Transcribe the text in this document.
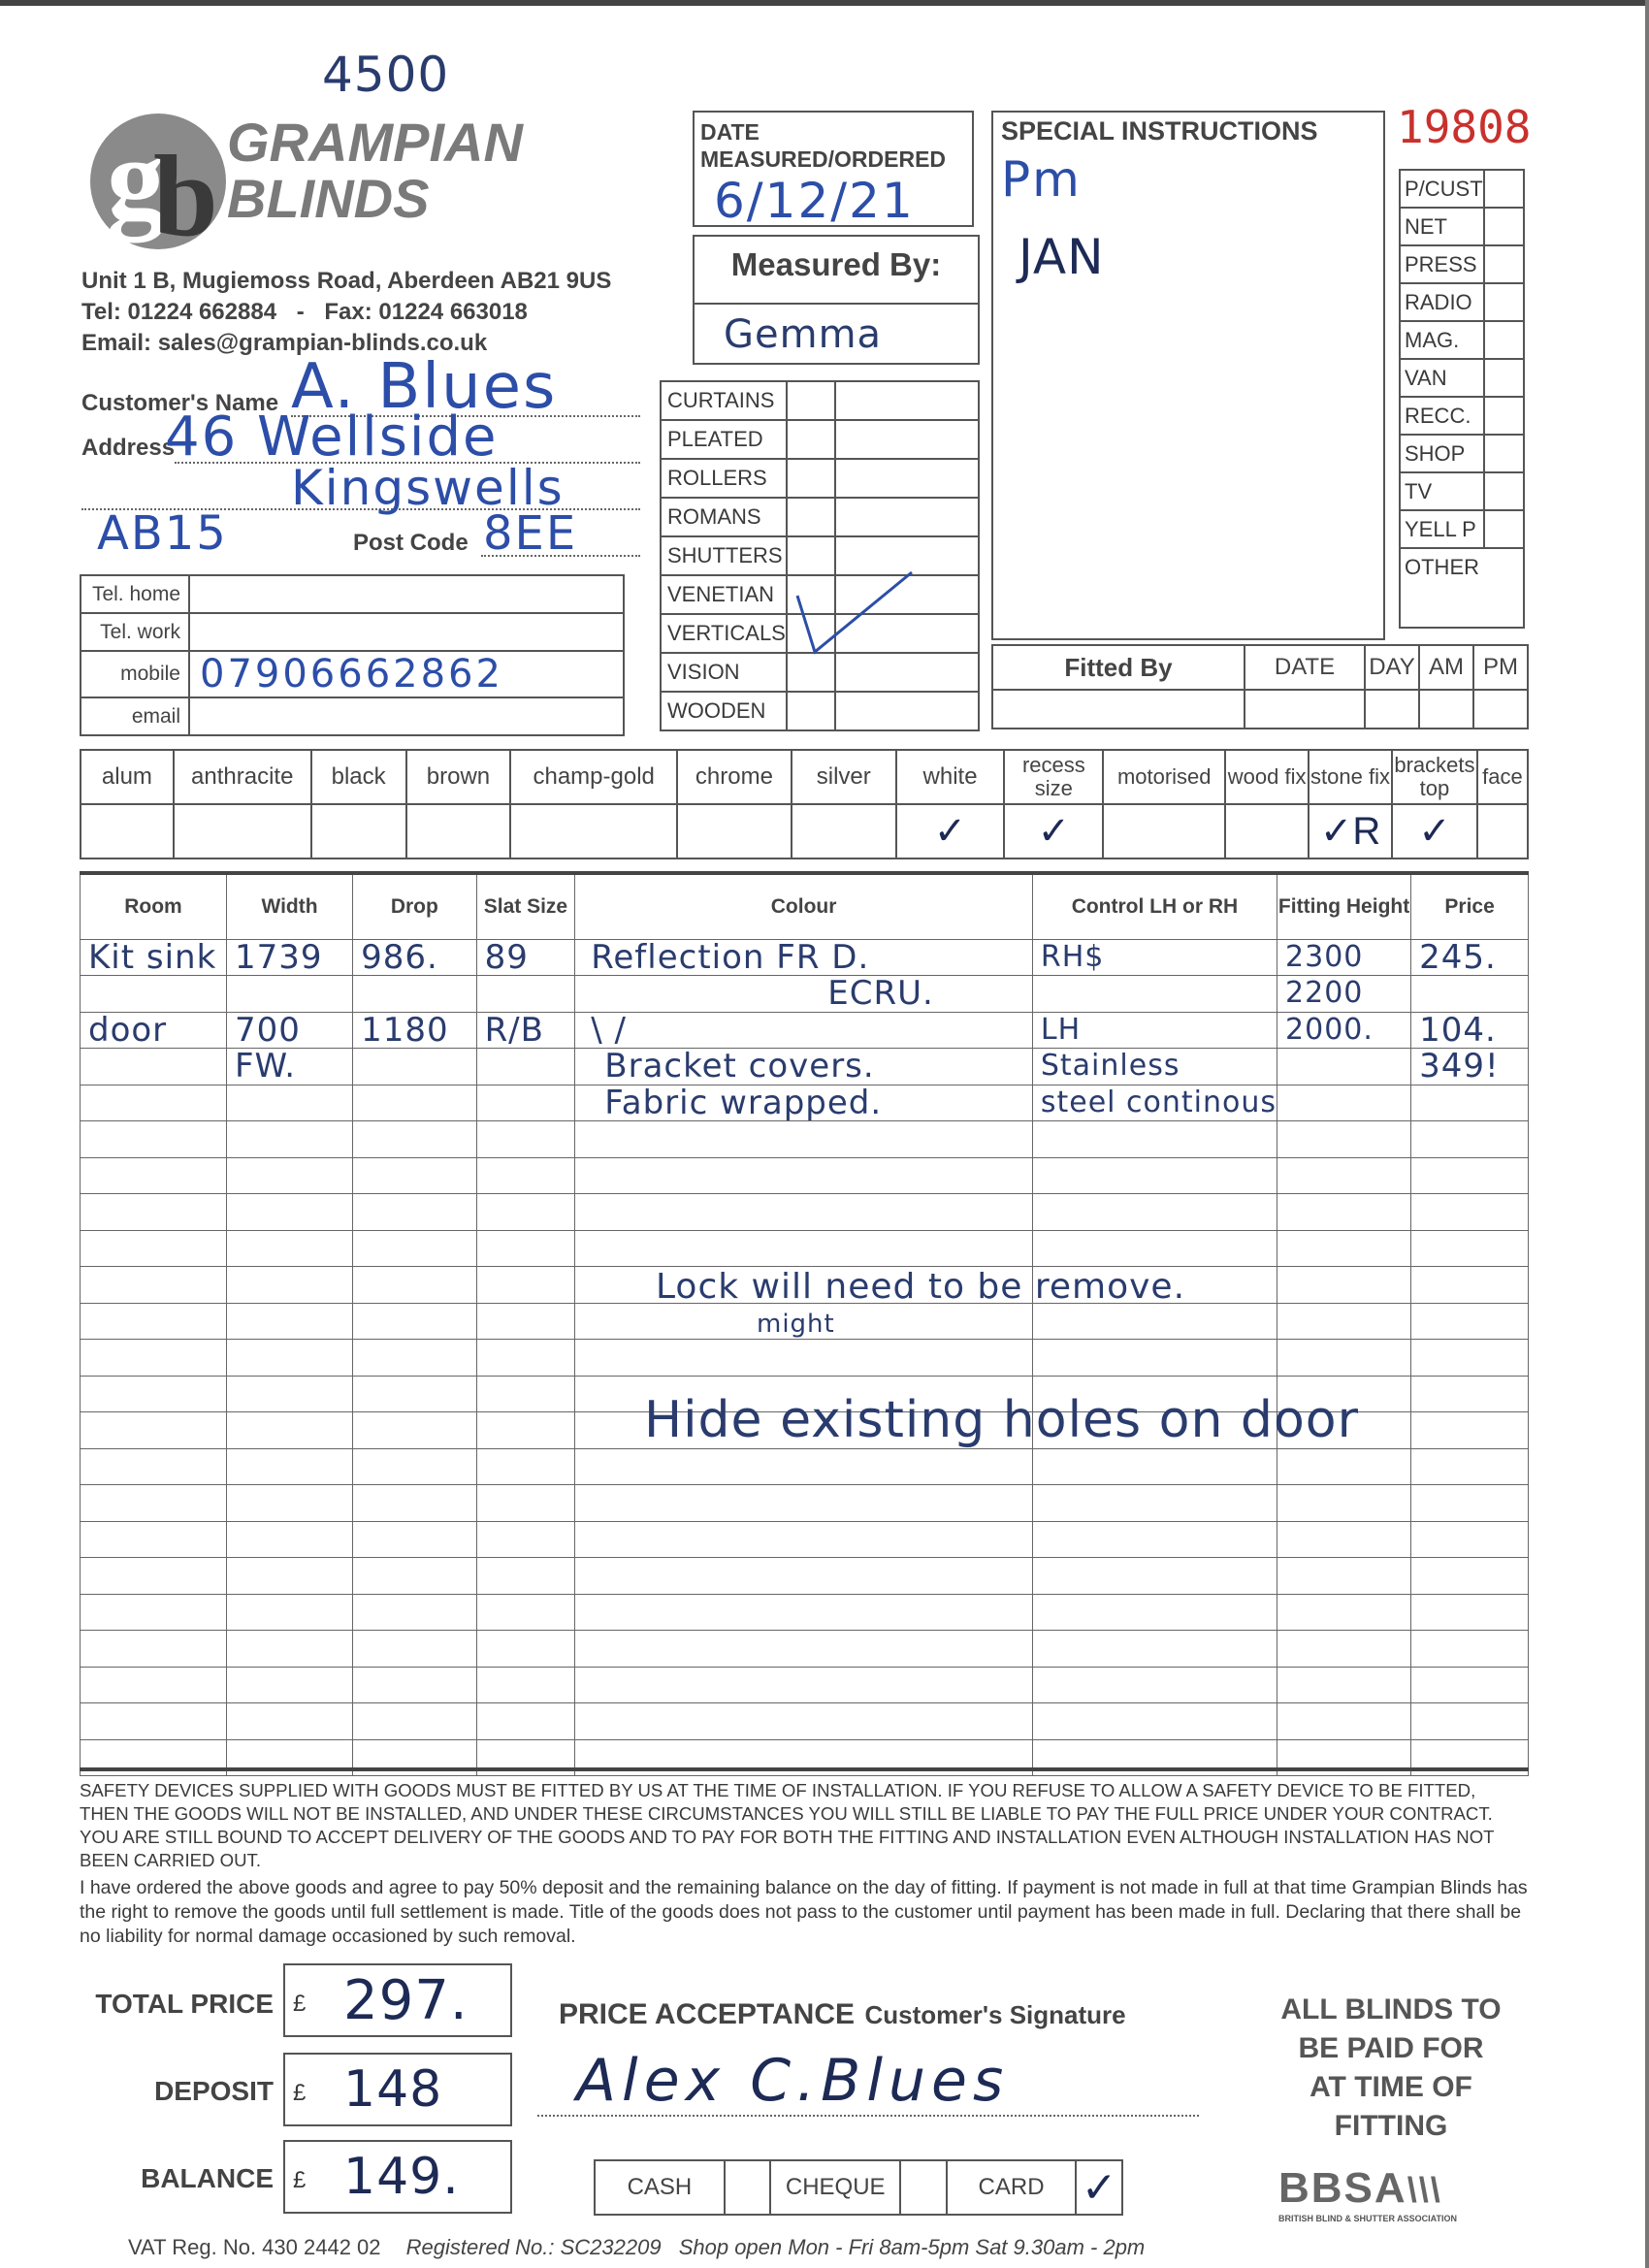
4500
g
b GRAMPIAN
BLINDS
Unit 1 B, Mugiemoss Road, Aberdeen AB21 9US
Tel: 01224 662884 - Fax: 01224 663018
Email: sales@grampian-blinds.co.uk
DATE MEASURED/ORDERED
6/12/21
Measured By:
Gemma
SPECIAL INSTRUCTIONS
Pm
JAN
19808
P/CUST	
NET	
PRESS	
RADIO	
MAG.	
VAN	
RECC.	
SHOP	
TV	
YELL P	
OTHER	
Customer's Name A. Blues
Address
46 Wellside
Kingswells
AB15	Post Code 8EE
Tel. home	
Tel. work	
mobile	07906662862
email	
CURTAINS		
PLEATED		
ROLLERS		
ROMANS		
SHUTTERS		
VENETIAN		
VERTICALS		
VISION		
WOODEN		
Fitted By	DATE	DAY	AM	PM

alum	anthracite	black	brown	champ-gold	chrome	silver	white	recess size	motorised	wood fix	stone fix	brackets top	face
							✓	✓			✓R	✓	
Room	Width	Drop	Slat Size	Colour	Control LH or RH	Fitting Height	Price
Kit sink	1739	986.	89	Reflection FR D.	RH$	2300	245.
				ECRU.		2200	
door	700	1180	R/B	\ /	LH	2000.	104.
	FW.			Bracket covers.	Stainless		349!
				Fabric wrapped.	steel continous		

Lock will need to be remove.
might
Hide existing holes on door
SAFETY DEVICES SUPPLIED WITH GOODS MUST BE FITTED BY US AT THE TIME OF INSTALLATION. IF YOU REFUSE TO ALLOW A SAFETY DEVICE TO BE FITTED, THEN THE GOODS WILL NOT BE INSTALLED, AND UNDER THESE CIRCUMSTANCES YOU WILL STILL BE LIABLE TO PAY THE FULL PRICE UNDER YOUR CONTRACT. YOU ARE STILL BOUND TO ACCEPT DELIVERY OF THE GOODS AND TO PAY FOR BOTH THE FITTING AND INSTALLATION EVEN ALTHOUGH INSTALLATION HAS NOT BEEN CARRIED OUT.
I have ordered the above goods and agree to pay 50% deposit and the remaining balance on the day of fitting. If payment is not made in full at that time Grampian Blinds has the right to remove the goods until full settlement is made. Title of the goods does not pass to the customer until payment has been made in full. Declaring that there shall be no liability for normal damage occasioned by such removal.
TOTAL PRICE £ 297.
DEPOSIT £ 148
BALANCE £ 149.
PRICE ACCEPTANCE Customer's Signature
Alex C.Blues
CASH		CHEQUE		CARD	✓
ALL BLINDS TO
BE PAID FOR
AT TIME OF
FITTING
BBSA\\\
BRITISH BLIND & SHUTTER ASSOCIATION
VAT Reg. No. 430 2442 02 Registered No.: SC232209 Shop open Mon - Fri 8am-5pm Sat 9.30am - 2pm
